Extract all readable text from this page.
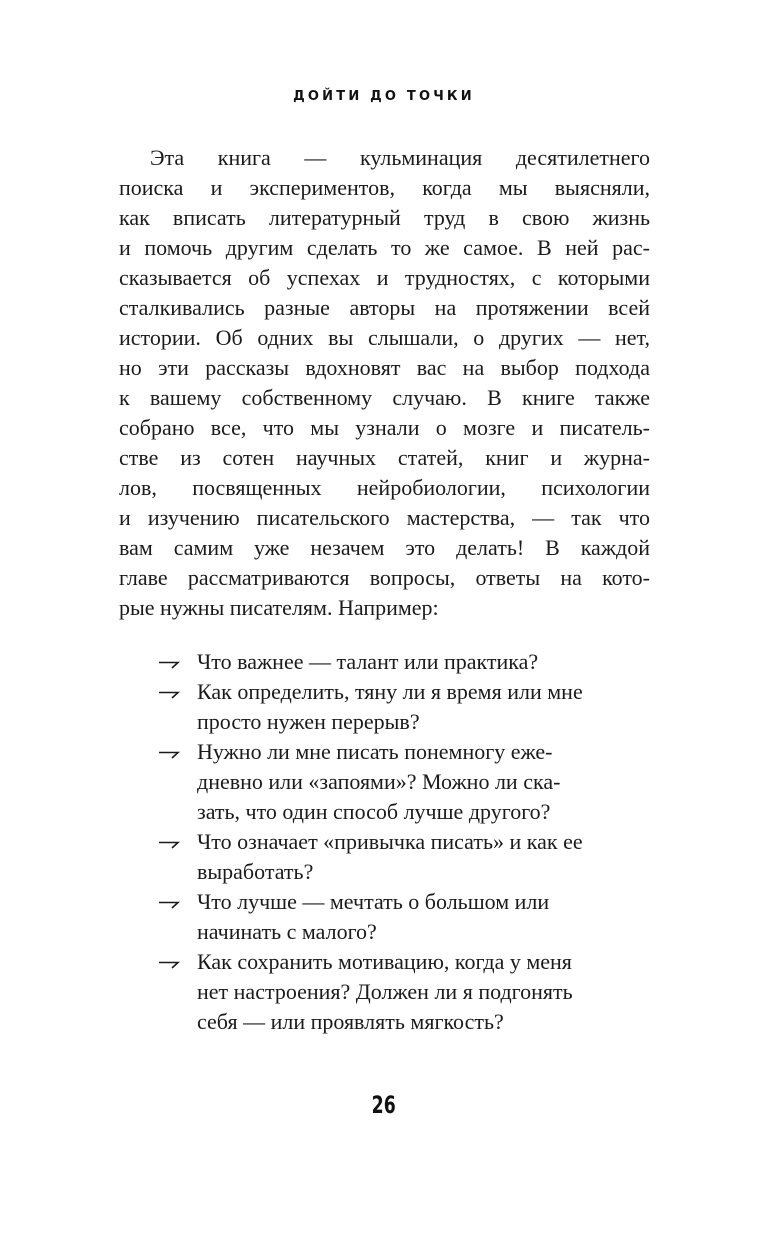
ДОЙТИ ДО ТОЧКИ
Эта книга — кульминация десятилетнего
поиска и экспериментов, когда мы выясняли,
как вписать литературный труд в свою жизнь
и помочь другим сделать то же самое. В ней рас-
сказывается об успехах и трудностях, с которыми
сталкивались разные авторы на протяжении всей
истории. Об одних вы слышали, о других — нет,
но эти рассказы вдохновят вас на выбор подхода
к вашему собственному случаю. В книге также
собрано все, что мы узнали о мозге и писатель-
стве из сотен научных статей, книг и журна-
лов, посвященных нейробиологии, психологии
и изучению писательского мастерства, — так что
вам самим уже незачем это делать! В каждой
главе рассматриваются вопросы, ответы на кото-
рые нужны писателям. Например:
Что важнее — талант или практика?
Как определить, тяну ли я время или мне
просто нужен перерыв?
Нужно ли мне писать понемногу еже-
дневно или «запоями»? Можно ли ска-
зать, что один способ лучше другого?
Что означает «привычка писать» и как ее
выработать?
Что лучше — мечтать о большом или
начинать с малого?
Как сохранить мотивацию, когда у меня
нет настроения? Должен ли я подгонять
себя — или проявлять мягкость?
26
